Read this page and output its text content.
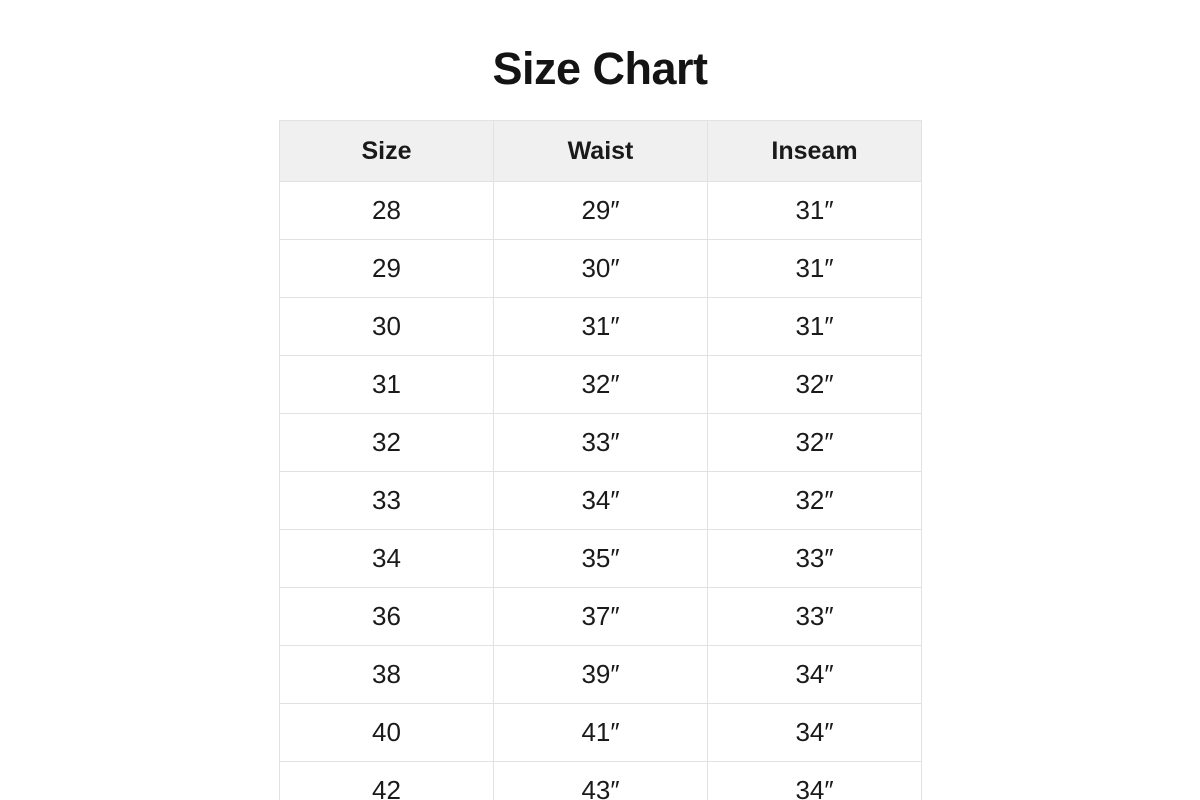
Size Chart
Size	Waist	Inseam
28	29″	31″
29	30″	31″
30	31″	31″
31	32″	32″
32	33″	32″
33	34″	32″
34	35″	33″
36	37″	33″
38	39″	34″
40	41″	34″
42	43″	34″
